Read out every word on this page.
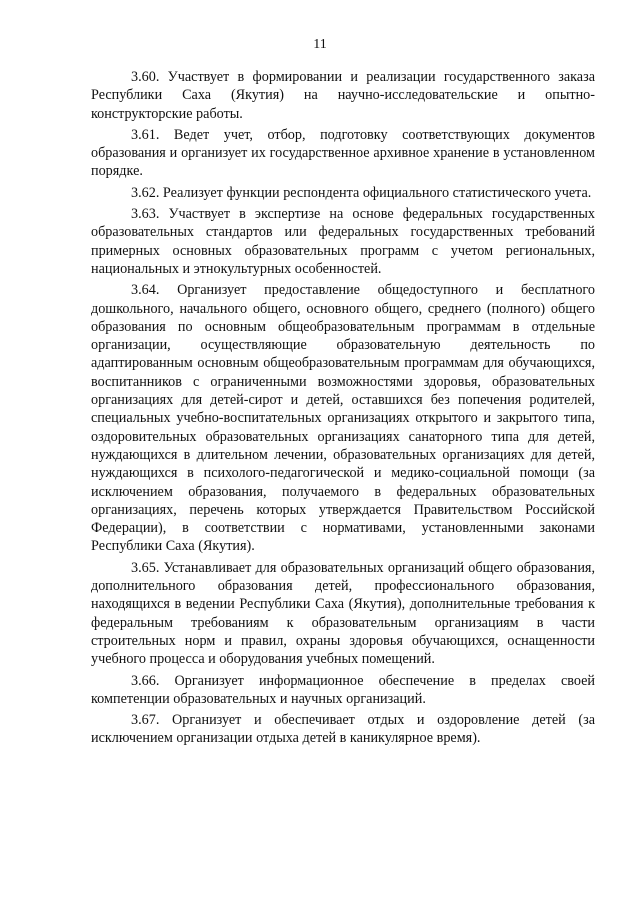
11

3.60. Участвует в формировании и реализации государственного заказа Республики Саха (Якутия) на научно-исследовательские и опытно-конструкторские работы.

3.61. Ведет учет, отбор, подготовку соответствующих документов образования и организует их государственное архивное хранение в установленном порядке.

3.62. Реализует функции респондента официального статистического учета.

3.63. Участвует в экспертизе на основе федеральных государственных образовательных стандартов или федеральных государственных требований примерных основных образовательных программ с учетом региональных, национальных и этнокультурных особенностей.

3.64. Организует предоставление общедоступного и бесплатного дошкольного, начального общего, основного общего, среднего (полного) общего образования по основным общеобразовательным программам в отдельные организации, осуществляющие образовательную деятельность по адаптированным основным общеобразовательным программам для обучающихся, воспитанников с ограниченными возможностями здоровья, образовательных организациях для детей-сирот и детей, оставшихся без попечения родителей, специальных учебно-воспитательных организациях открытого и закрытого типа, оздоровительных образовательных организациях санаторного типа для детей, нуждающихся в длительном лечении, образовательных организациях для детей, нуждающихся в психолого-педагогической и медико-социальной помощи (за исключением образования, получаемого в федеральных образовательных организациях, перечень которых утверждается Правительством Российской Федерации), в соответствии с нормативами, установленными законами Республики Саха (Якутия).

3.65. Устанавливает для образовательных организаций общего образования, дополнительного образования детей, профессионального образования, находящихся в ведении Республики Саха (Якутия), дополнительные требования к федеральным требованиям к образовательным организациям в части строительных норм и правил, охраны здоровья обучающихся, оснащенности учебного процесса и оборудования учебных помещений.

3.66. Организует информационное обеспечение в пределах своей компетенции образовательных и научных организаций.

3.67. Организует и обеспечивает отдых и оздоровление детей (за исключением организации отдыха детей в каникулярное время).
